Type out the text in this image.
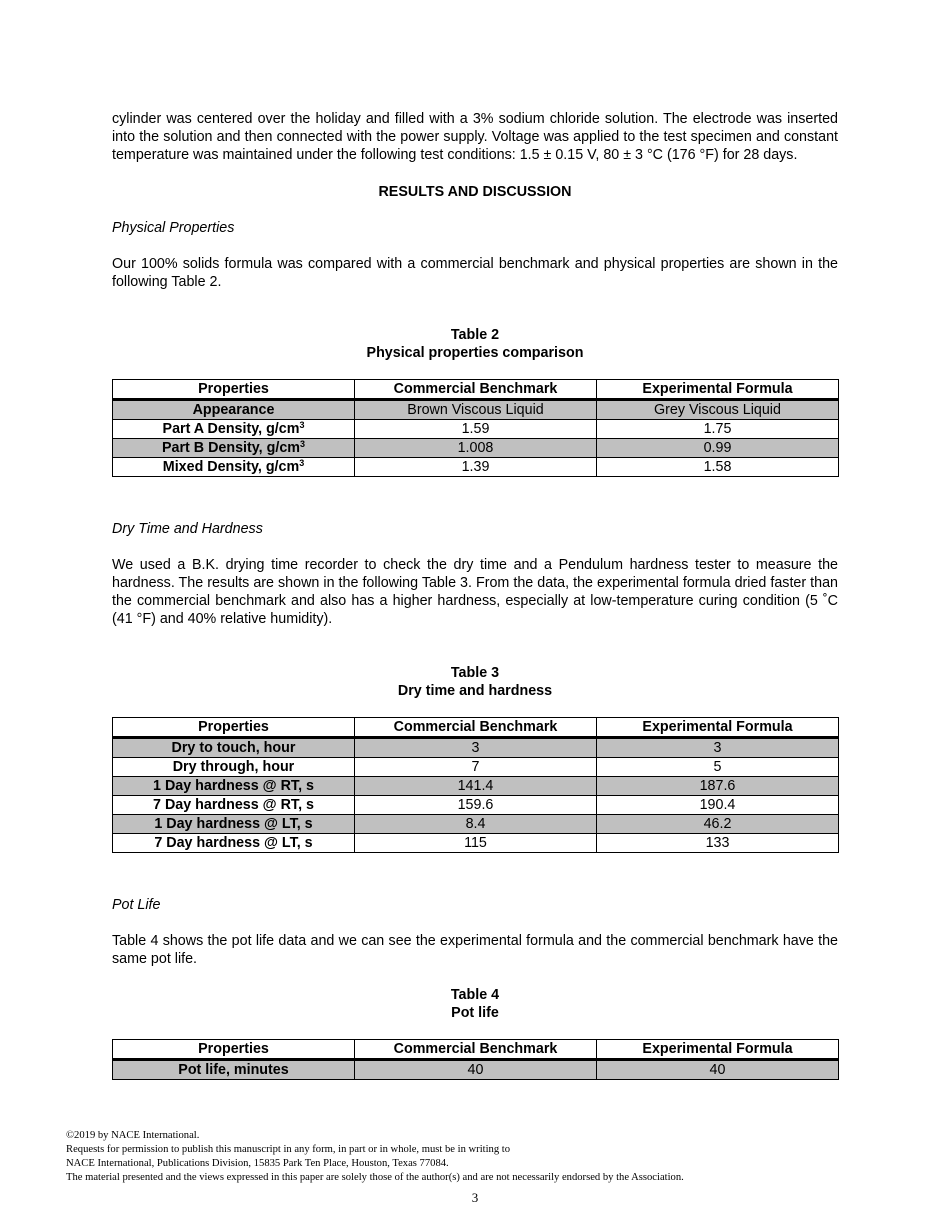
cylinder was centered over the holiday and filled with a 3% sodium chloride solution. The electrode was inserted into the solution and then connected with the power supply. Voltage was applied to the test specimen and constant temperature was maintained under the following test conditions: 1.5 ± 0.15 V, 80 ± 3 °C (176 °F) for 28 days.

RESULTS AND DISCUSSION

Physical Properties

Our 100% solids formula was compared with a commercial benchmark and physical properties are shown in the following Table 2.

Table 2

Physical properties comparison

Properties	Commercial Benchmark	Experimental Formula
Appearance	Brown Viscous Liquid	Grey Viscous Liquid
Part A Density, $g/cm^3$	1.59	1.75
Part B Density, $g/cm^3$	1.008	0.99
Mixed Density, $g/cm^3$	1.39	1.58

Dry Time and Hardness

We used a B.K. drying time recorder to check the dry time and a Pendulum hardness tester to measure the hardness. The results are shown in the following Table 3. From the data, the experimental formula dried faster than the commercial benchmark and also has a higher hardness, especially at low-temperature curing condition (5 ˚C (41 °F) and 40% relative humidity).

Table 3

Dry time and hardness

Properties	Commercial Benchmark	Experimental Formula
Dry to touch, hour	3	3
Dry through, hour	7	5
1 Day hardness @ RT, s	141.4	187.6
7 Day hardness @ RT, s	159.6	190.4
1 Day hardness @ LT, s	8.4	46.2
7 Day hardness @ LT, s	115	133

Pot Life

Table 4 shows the pot life data and we can see the experimental formula and the commercial benchmark have the same pot life.

Table 4

Pot life

Properties	Commercial Benchmark	Experimental Formula
Pot life, minutes	40	40

©2019 by NACE International.

Requests for permission to publish this manuscript in any form, in part or in whole, must be in writing to

NACE International, Publications Division, 15835 Park Ten Place, Houston, Texas 77084.

The material presented and the views expressed in this paper are solely those of the author(s) and are not necessarily endorsed by the Association.

3
